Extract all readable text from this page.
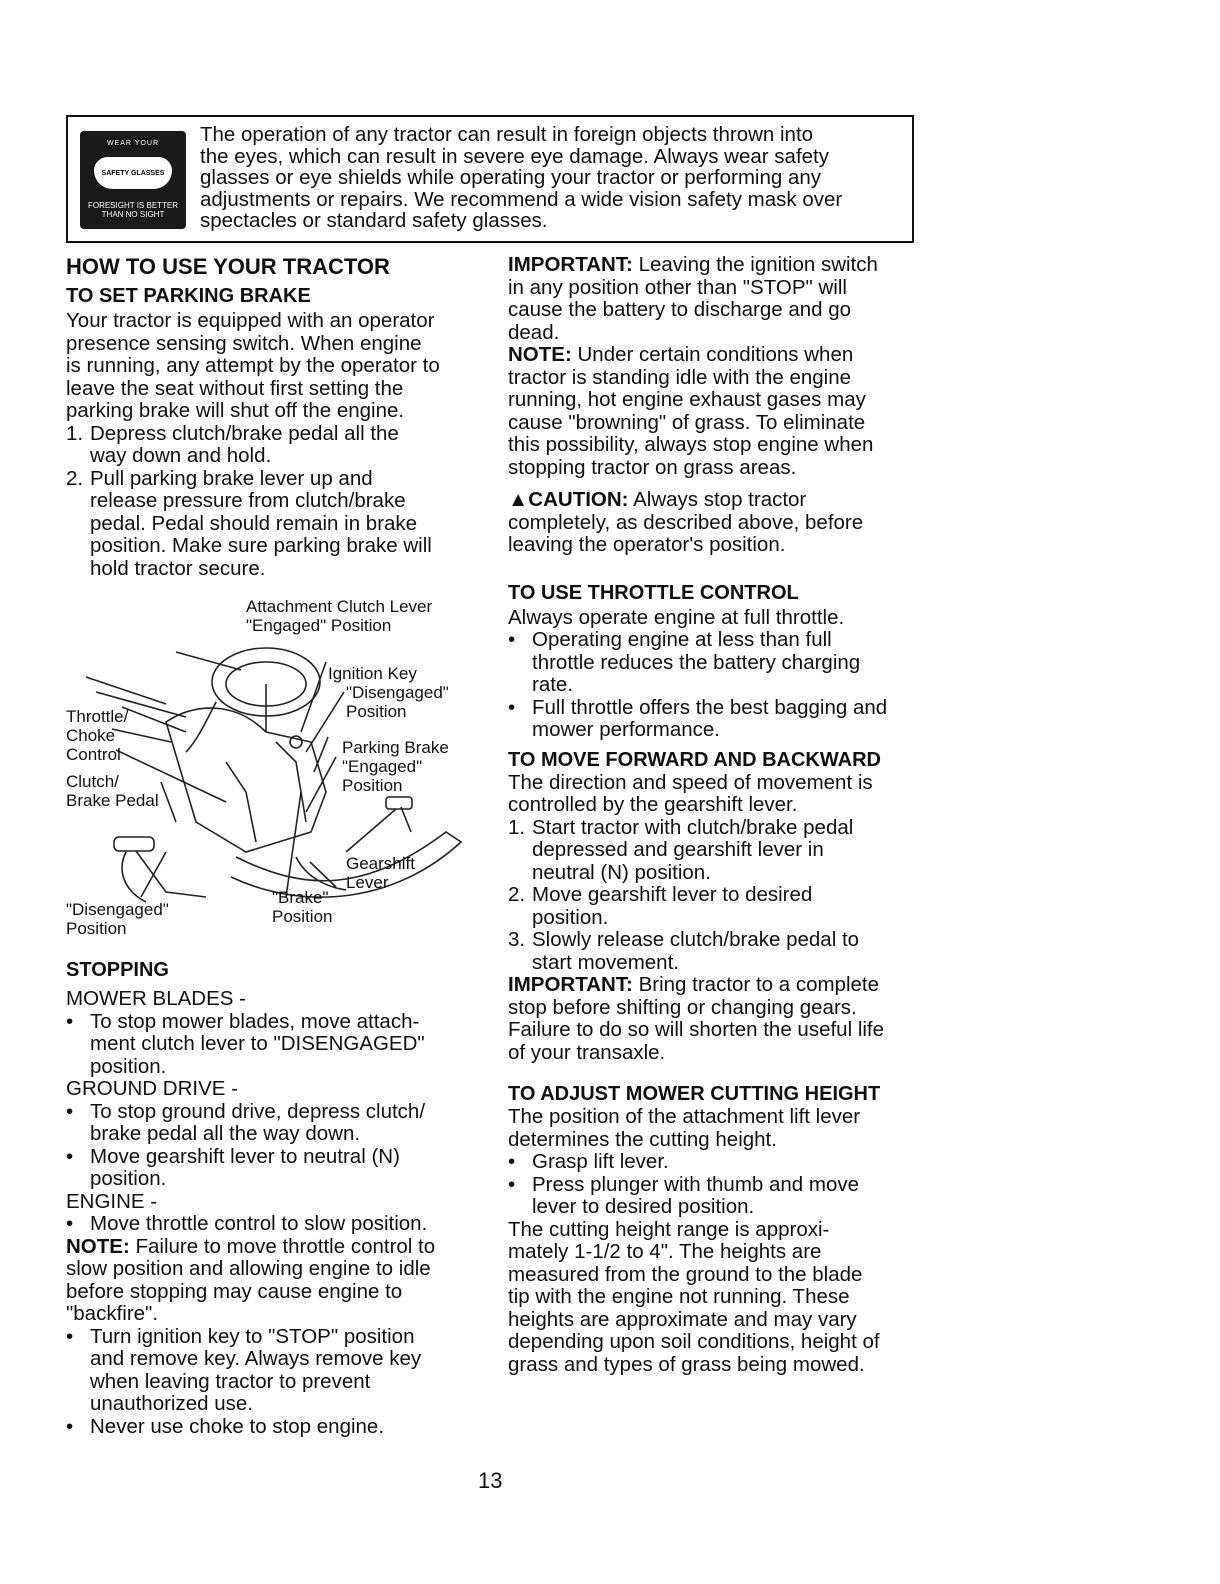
WEAR YOUR
SAFETY GLASSES
FORESIGHT IS BETTER
THAN NO SIGHT
The operation of any tractor can result in foreign objects thrown into
the eyes, which can result in severe eye damage. Always wear safety
glasses or eye shields while operating your tractor or performing any
adjustments or repairs. We recommend a wide vision safety mask over
spectacles or standard safety glasses.
HOW TO USE YOUR TRACTOR
TO SET PARKING BRAKE
Your tractor is equipped with an operator
presence sensing switch. When engine
is running, any attempt by the operator to
leave the seat without first setting the
parking brake will shut off the engine.
1. Depress clutch/brake pedal all the
way down and hold.
2. Pull parking brake lever up and
release pressure from clutch/brake
pedal. Pedal should remain in brake
position. Make sure parking brake will
hold tractor secure.
Attachment Clutch Lever
"Engaged" Position
Ignition Key
"Disengaged"
Position
Throttle/
Choke
Control	Parking Brake
"Engaged"
Position
Clutch/
Brake Pedal
Gearshift
Lever
"Disengaged"
Position
"Brake"
Position
STOPPING
MOWER BLADES -
• To stop mower blades, move attach-
ment clutch lever to "DISENGAGED"
position.
GROUND DRIVE -
• To stop ground drive, depress clutch/
brake pedal all the way down.
• Move gearshift lever to neutral (N)
position.
ENGINE -
• Move throttle control to slow position.
NOTE: Failure to move throttle control to
slow position and allowing engine to idle
before stopping may cause engine to
"backfire".
• Turn ignition key to "STOP" position
and remove key. Always remove key
when leaving tractor to prevent
unauthorized use.
• Never use choke to stop engine.
IMPORTANT: Leaving the ignition switch
in any position other than "STOP" will
cause the battery to discharge and go
dead.
NOTE: Under certain conditions when
tractor is standing idle with the engine
running, hot engine exhaust gases may
cause "browning" of grass. To eliminate
this possibility, always stop engine when
stopping tractor on grass areas.
▲CAUTION: Always stop tractor
completely, as described above, before
leaving the operator's position.
TO USE THROTTLE CONTROL
Always operate engine at full throttle.
• Operating engine at less than full
throttle reduces the battery charging
rate.
• Full throttle offers the best bagging and
mower performance.
TO MOVE FORWARD AND BACKWARD
The direction and speed of movement is
controlled by the gearshift lever.
1. Start tractor with clutch/brake pedal
depressed and gearshift lever in
neutral (N) position.
2. Move gearshift lever to desired
position.
3. Slowly release clutch/brake pedal to
start movement.
IMPORTANT: Bring tractor to a complete
stop before shifting or changing gears.
Failure to do so will shorten the useful life
of your transaxle.
TO ADJUST MOWER CUTTING HEIGHT
The position of the attachment lift lever
determines the cutting height.
• Grasp lift lever.
• Press plunger with thumb and move
lever to desired position.
The cutting height range is approxi-
mately 1-1/2 to 4". The heights are
measured from the ground to the blade
tip with the engine not running. These
heights are approximate and may vary
depending upon soil conditions, height of
grass and types of grass being mowed.
13
